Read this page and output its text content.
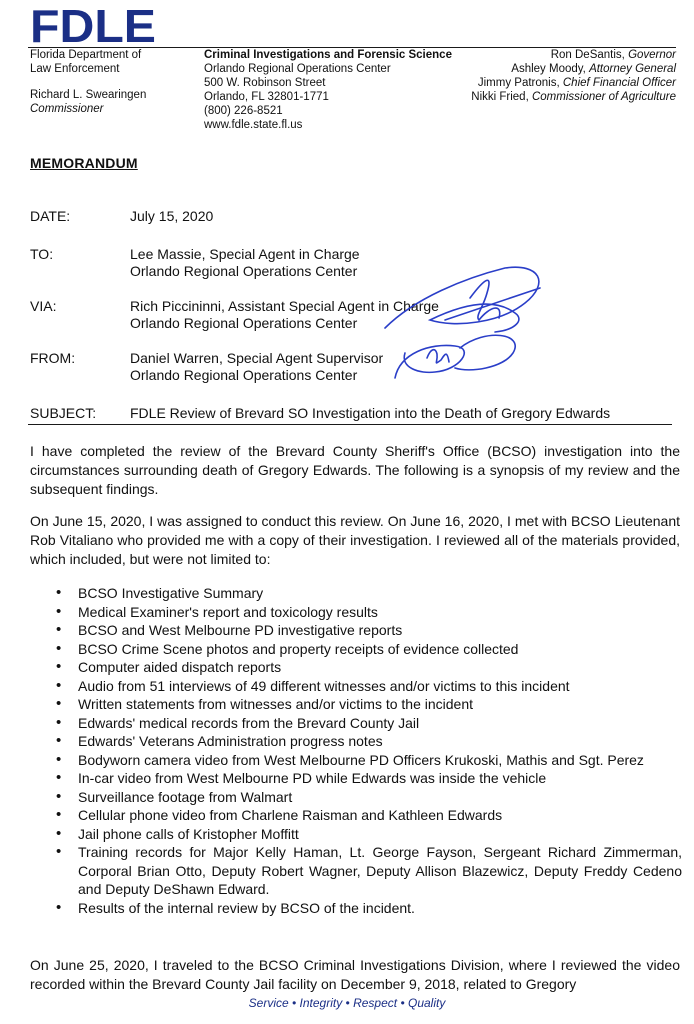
FDLE
Florida Department of
Law Enforcement
Richard L. Swearingen
Commissioner
Criminal Investigations and Forensic Science
Orlando Regional Operations Center
500 W. Robinson Street
Orlando, FL 32801-1771
(800) 226-8521
www.fdle.state.fl.us
Ron DeSantis, Governor
Ashley Moody, Attorney General
Jimmy Patronis, Chief Financial Officer
Nikki Fried, Commissioner of Agriculture
MEMORANDUM
DATE:	July 15, 2020
TO:	Lee Massie, Special Agent in Charge
Orlando Regional Operations Center
VIA:	Rich Piccininni, Assistant Special Agent in Charge
Orlando Regional Operations Center
FROM:	Daniel Warren, Special Agent Supervisor
Orlando Regional Operations Center
SUBJECT: FDLE Review of Brevard SO Investigation into the Death of Gregory Edwards
I have completed the review of the Brevard County Sheriff's Office (BCSO) investigation into the circumstances surrounding death of Gregory Edwards. The following is a synopsis of my review and the subsequent findings.
On June 15, 2020, I was assigned to conduct this review. On June 16, 2020, I met with BCSO Lieutenant Rob Vitaliano who provided me with a copy of their investigation. I reviewed all of the materials provided, which included, but were not limited to:
• BCSO Investigative Summary
• Medical Examiner's report and toxicology results
• BCSO and West Melbourne PD investigative reports
• BCSO Crime Scene photos and property receipts of evidence collected
• Computer aided dispatch reports
• Audio from 51 interviews of 49 different witnesses and/or victims to this incident
• Written statements from witnesses and/or victims to the incident
• Edwards' medical records from the Brevard County Jail
• Edwards' Veterans Administration progress notes
• Bodyworn camera video from West Melbourne PD Officers Krukoski, Mathis and Sgt. Perez
• In-car video from West Melbourne PD while Edwards was inside the vehicle
• Surveillance footage from Walmart
• Cellular phone video from Charlene Raisman and Kathleen Edwards
• Jail phone calls of Kristopher Moffitt
• Training records for Major Kelly Haman, Lt. George Fayson, Sergeant Richard Zimmerman, Corporal Brian Otto, Deputy Robert Wagner, Deputy Allison Blazewicz, Deputy Freddy Cedeno and Deputy DeShawn Edward.
• Results of the internal review by BCSO of the incident.
On June 25, 2020, I traveled to the BCSO Criminal Investigations Division, where I reviewed the video recorded within the Brevard County Jail facility on December 9, 2018, related to Gregory
Service • Integrity • Respect • Quality
